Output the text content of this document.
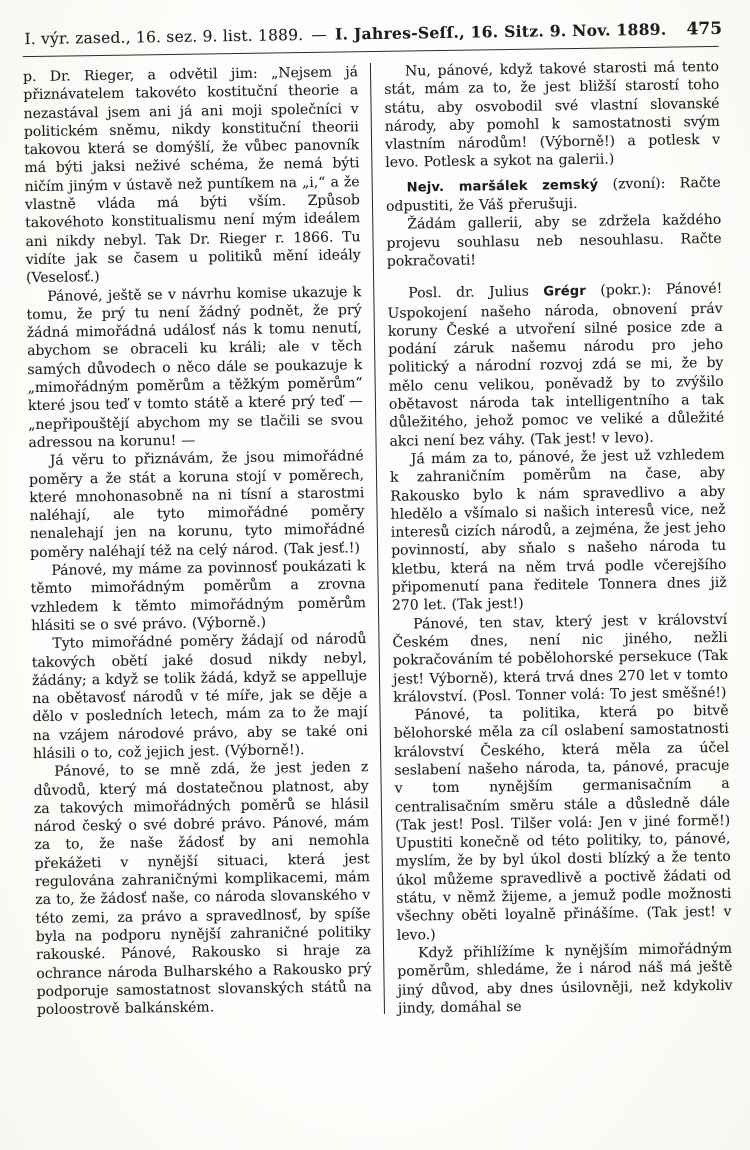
I. výr. zased., 16. sez. 9. list. 1889. — I. Jahres-Seſſ., 16. Sitz. 9. Nov. 1889.	475

p. Dr. Rieger, a odvětil jim: „Nejsem já přiznávatelem takovéto kostituční theorie a nezastával jsem ani já ani moji společníci v politickém sněmu, nikdy konstituční theorii takovou která se domýšlí, že vůbec panovník má býti jaksi neživé schéma, že nemá býti ničím jiným v ústavě než puntíkem na „i,“ a že vlastně vláda má býti vším. Způsob takovéhoto konstitualismu není mým ideálem ani nikdy nebyl. Tak Dr. Rieger r. 1866. Tu vidíte jak se časem u politiků mění ideály (Veselosť.)

Pánové, ještě se v návrhu komise ukazuje k tomu, že prý tu není žádný podnět, že prý žádná mimořádná událosť nás k tomu nenutí, abychom se obraceli ku králi; ale v těch samých důvodech o něco dále se poukazuje k „mimořádným poměrům a těžkým poměrům“ které jsou teď v tomto státě a které prý teď — „nepřipouštějí abychom my se tlačili se svou adressou na korunu! —

Já věru to přiznávám, že jsou mimořádné poměry a že stát a koruna stojí v poměrech, které mnohonasobně na ni tísní a starostmi naléhají, ale tyto mimořádné poměry nenalehají jen na korunu, tyto mimořádné poměry naléhají též na celý národ. (Tak jesť.!)

Pánové, my máme za povinnosť poukázati k těmto mimořádným poměrům a zrovna vzhledem k těmto mimořádným poměrům hlásiti se o své právo. (Výborně.)

Tyto mimořádné poměry žádají od národů takových obětí jaké dosud nikdy nebyl, žádány; a když se tolik žádá, když se appelluje na obětavosť národů v té míře, jak se děje a dělo v posledních letech, mám za to že mají na vzájem národové právo, aby se také oni hlásili o to, což jejich jest. (Výborně!).

Pánové, to se mně zdá, že jest jeden z důvodů, který má dostatečnou platnost, aby za takových mimořádných poměrů se hlásil národ český o své dobré právo. Pánové, mám za to, že naše žádosť by ani nemohla překážeti v nynější situaci, která jest regulována zahraničnými komplikacemi, mám za to, že žádosť naše, co národa slovanského v této zemi, za právo a spravedlnosť, by spíše byla na podporu nynější zahraničné politiky rakouské. Pánové, Rakousko si hraje za ochrance národa Bulharského a Rakousko prý podporuje samostatnost slovanských států na poloostrově balkánském.

Nu, pánové, když takové starosti má tento stát, mám za to, že jest bližší starostí toho státu, aby osvobodil své vlastní slovanské národy, aby pomohl k samostatnosti svým vlastním národům! (Výborně!) a potlesk v levo. Potlesk a sykot na galerii.)

Nejv. maršálek zemský (zvoní): Račte odpustiti, že Váš přerušuji.

Žádám gallerii, aby se zdržela každého projevu souhlasu neb nesouhlasu. Račte pokračovati!

Posl. dr. Julius Grégr (pokr.): Pánové! Uspokojení našeho národa, obnovení práv koruny České a utvoření silné posice zde a podání záruk našemu národu pro jeho politický a národní rozvoj zdá se mi, že by mělo cenu velikou, poněvadž by to zvýšilo obětavost národa tak intelligentního a tak důležitého, jehož pomoc ve veliké a důležité akci není bez váhy. (Tak jest! v levo).

Já mám za to, pánové, že jest už vzhledem k zahraničním poměrům na čase, aby Rakousko bylo k nám spravedlivo a aby hledělo a všímalo si našich interesů vice, než interesů cizích národů, a zejména, že jest jeho povinností, aby sňalo s našeho národa tu kletbu, která na něm trvá podle včerejšího připomenutí pana ředitele Tonnera dnes již 270 let. (Tak jest!)

Pánové, ten stav, který jest v království Českém dnes, není nic jiného, nežli pokračováním té pobělohorské persekuce (Tak jest! Výborně), která trvá dnes 270 let v tomto království. (Posl. Tonner volá: To jest směšné!)

Pánové, ta politika, která po bitvě bělohorské měla za cíl oslabení samostatnosti království Českého, která měla za účel seslabení našeho národa, ta, pánové, pracuje v tom nynějším germanisačním a centralisačním směru stále a důsledně dále (Tak jest! Posl. Tilšer volá: Jen v jiné formě!) Upustiti konečně od této politiky, to, pánové, myslím, že by byl úkol dosti blízký a že tento úkol můžeme spravedlivě a poctivě žádati od státu, v němž žijeme, a jemuž podle možnosti všechny oběti loyalně přinášíme. (Tak jest! v levo.)

Když přihlížíme k nynějším mimořádným poměrům, shledáme, že i národ náš má ještě jiný důvod, aby dnes úsilovněji, než kdykoliv jindy, domáhal se
